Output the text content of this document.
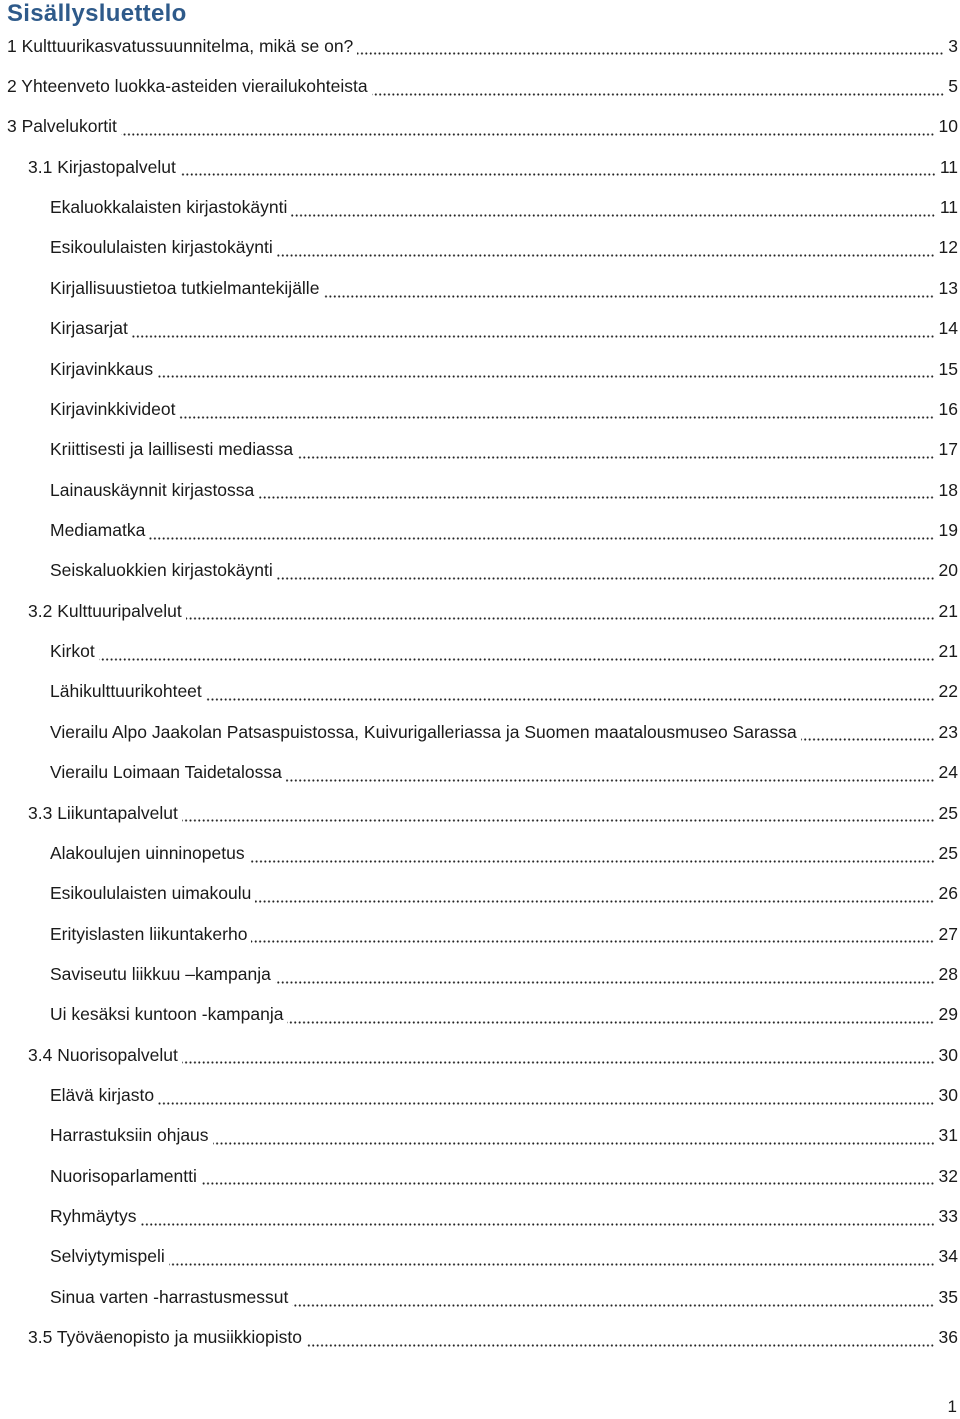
Sisällysluettelo
1 Kulttuurikasvatussuunnitelma, mikä se on?	3
2 Yhteenveto luokka-asteiden vierailukohteista	5
3 Palvelukortit	10
3.1 Kirjastopalvelut	11
Ekaluokkalaisten kirjastokäynti	11
Esikoululaisten kirjastokäynti	12
Kirjallisuustietoa tutkielmantekijälle	13
Kirjasarjat	14
Kirjavinkkaus	15
Kirjavinkkivideot	16
Kriittisesti ja laillisesti mediassa	17
Lainauskäynnit kirjastossa	18
Mediamatka	19
Seiskaluokkien kirjastokäynti	20
3.2 Kulttuuripalvelut	21
Kirkot	21
Lähikulttuurikohteet	22
Vierailu Alpo Jaakolan Patsaspuistossa, Kuivurigalleriassa ja Suomen maatalousmuseo Sarassa	23
Vierailu Loimaan Taidetalossa	24
3.3 Liikuntapalvelut	25
Alakoulujen uinninopetus	25
Esikoululaisten uimakoulu	26
Erityislasten liikuntakerho	27
Saviseutu liikkuu –kampanja	28
Ui kesäksi kuntoon -kampanja	29
3.4 Nuorisopalvelut	30
Elävä kirjasto	30
Harrastuksiin ohjaus	31
Nuorisoparlamentti	32
Ryhmäytys	33
Selviytymispeli	34
Sinua varten -harrastusmessut	35
3.5 Työväenopisto ja musiikkiopisto	36
1
